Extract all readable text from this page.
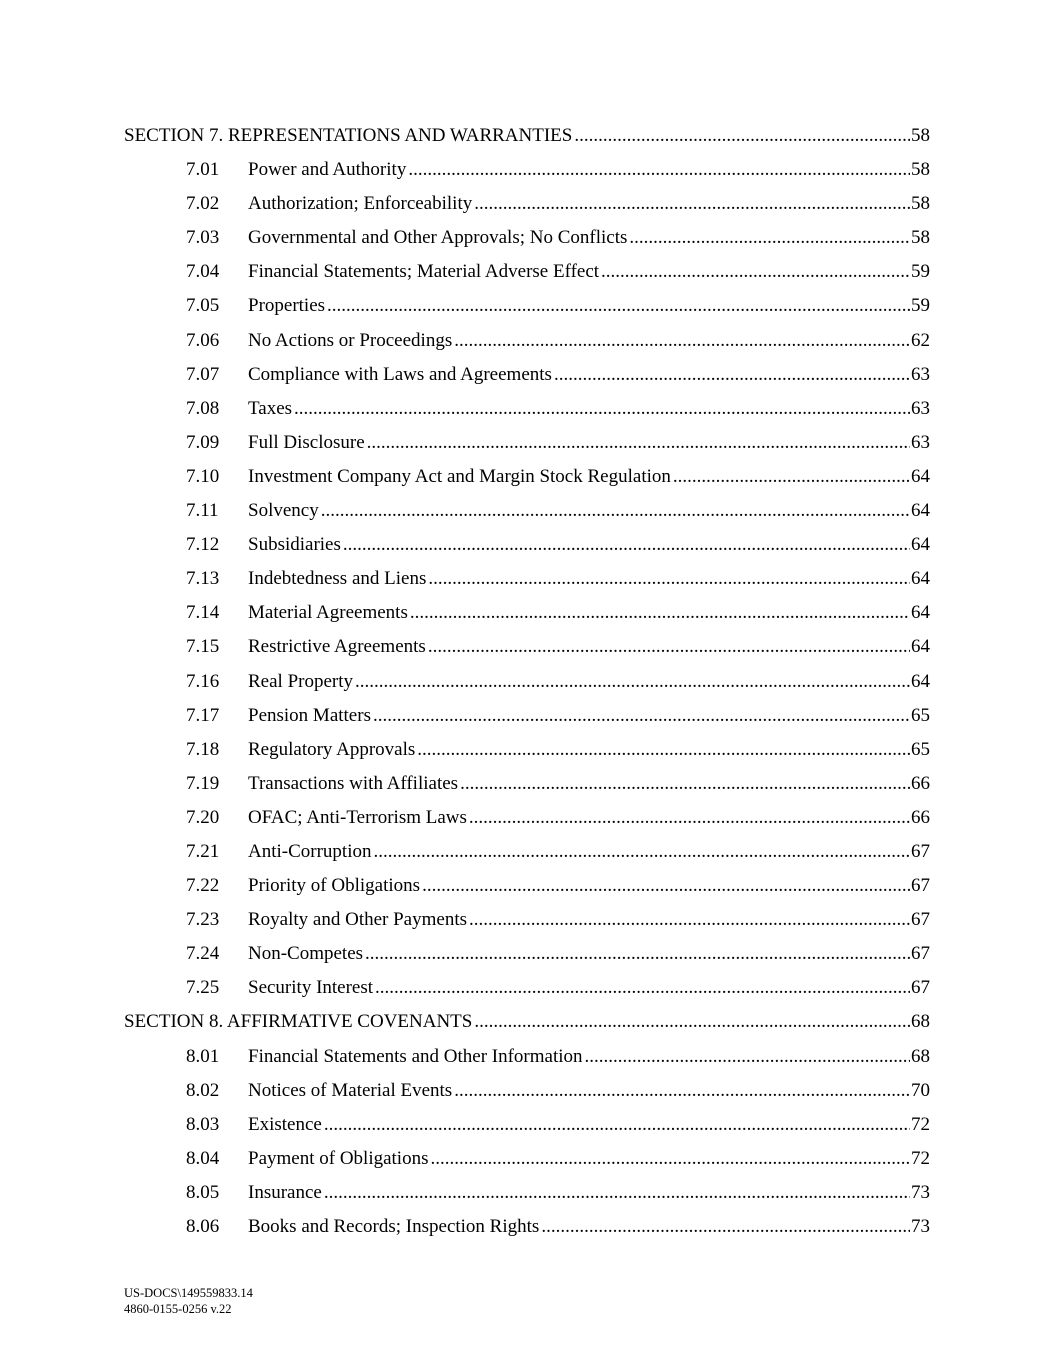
SECTION 7. REPRESENTATIONS AND WARRANTIES .....	58
7.01	Power and Authority .....	58
7.02	Authorization; Enforceability .....	58
7.03	Governmental and Other Approvals; No Conflicts .....	58
7.04	Financial Statements; Material Adverse Effect .....	59
7.05	Properties .....	59
7.06	No Actions or Proceedings .....	62
7.07	Compliance with Laws and Agreements .....	63
7.08	Taxes .....	63
7.09	Full Disclosure .....	63
7.10	Investment Company Act and Margin Stock Regulation .....	64
7.11	Solvency .....	64
7.12	Subsidiaries .....	64
7.13	Indebtedness and Liens .....	64
7.14	Material Agreements .....	64
7.15	Restrictive Agreements .....	64
7.16	Real Property .....	64
7.17	Pension Matters .....	65
7.18	Regulatory Approvals .....	65
7.19	Transactions with Affiliates .....	66
7.20	OFAC; Anti-Terrorism Laws .....	66
7.21	Anti-Corruption .....	67
7.22	Priority of Obligations .....	67
7.23	Royalty and Other Payments .....	67
7.24	Non-Competes .....	67
7.25	Security Interest .....	67
SECTION 8. AFFIRMATIVE COVENANTS .....	68
8.01	Financial Statements and Other Information .....	68
8.02	Notices of Material Events .....	70
8.03	Existence .....	72
8.04	Payment of Obligations .....	72
8.05	Insurance .....	73
8.06	Books and Records; Inspection Rights .....	73
US-DOCS\149559833.14
4860-0155-0256 v.22
